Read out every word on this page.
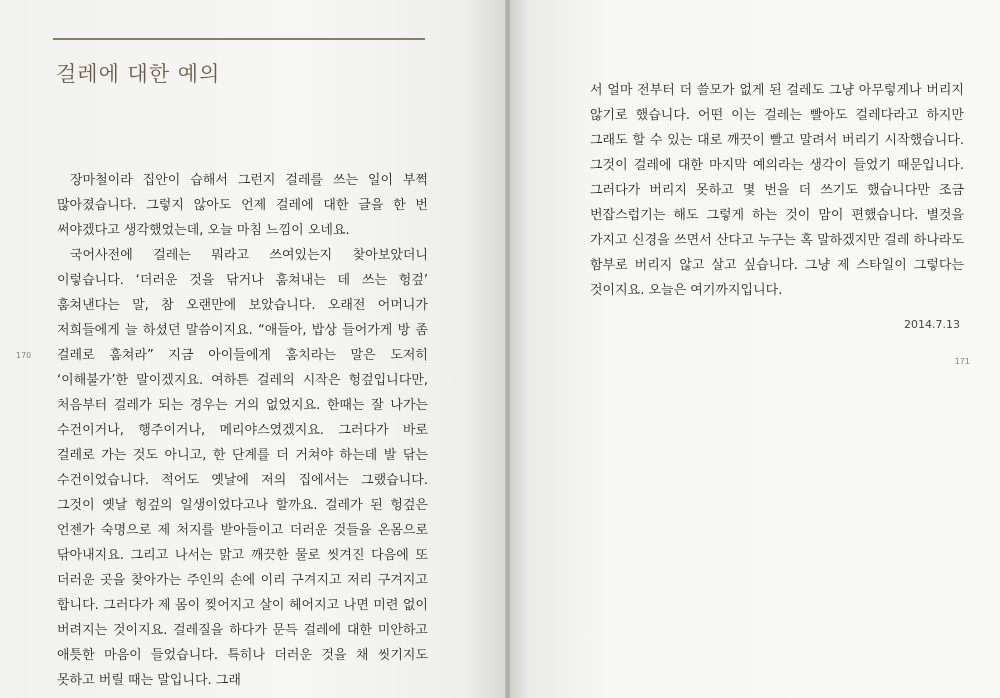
걸레에 대한 예의

장마철이라 집안이 습해서 그런지 걸레를 쓰는 일이 부쩍 많아졌습니다. 그렇지 않아도 언제 걸레에 대한 글을 한 번 써야겠다고 생각했었는데, 오늘 마침 느낌이 오네요.

국어사전에 걸레는 뭐라고 쓰여있는지 찾아보았더니 이렇습니다. ‘더러운 것을 닦거나 훔쳐내는 데 쓰는 헝겊’ 훔쳐낸다는 말, 참 오랜만에 보았습니다. 오래전 어머니가 저희들에게 늘 하셨던 말씀이지요. “애들아, 밥상 들어가게 방 좀 걸레로 훔쳐라” 지금 아이들에게 훔치라는 말은 도저히 ‘이해불가’한 말이겠지요. 여하튼 걸레의 시작은 헝겊입니다만, 처음부터 걸레가 되는 경우는 거의 없었지요. 한때는 잘 나가는 수건이거나, 행주이거나, 메리야스였겠지요. 그러다가 바로 걸레로 가는 것도 아니고, 한 단계를 더 거쳐야 하는데 발 닦는 수건이었습니다. 적어도 옛날에 저의 집에서는 그랬습니다. 그것이 옛날 헝겊의 일생이었다고나 할까요. 걸레가 된 헝겊은 언젠가 숙명으로 제 처지를 받아들이고 더러운 것들을 온몸으로 닦아내지요. 그리고 나서는 맑고 깨끗한 물로 씻겨진 다음에 또 더러운 곳을 찾아가는 주인의 손에 이리 구겨지고 저리 구겨지고 합니다. 그러다가 제 몸이 찢어지고 살이 헤어지고 나면 미련 없이 버려지는 것이지요. 걸레질을 하다가 문득 걸레에 대한 미안하고 애틋한 마음이 들었습니다. 특히나 더러운 것을 채 씻기지도 못하고 버릴 때는 말입니다. 그래

170

서 얼마 전부터 더 쓸모가 없게 된 걸레도 그냥 아무렇게나 버리지 않기로 했습니다. 어떤 이는 걸레는 빨아도 걸레다라고 하지만 그래도 할 수 있는 대로 깨끗이 빨고 말려서 버리기 시작했습니다. 그것이 걸레에 대한 마지막 예의라는 생각이 들었기 때문입니다. 그러다가 버리지 못하고 몇 번을 더 쓰기도 했습니다만 조금 번잡스럽기는 해도 그렇게 하는 것이 맘이 편했습니다. 별것을 가지고 신경을 쓰면서 산다고 누구는 혹 말하겠지만 걸레 하나라도 함부로 버리지 않고 살고 싶습니다. 그냥 제 스타일이 그렇다는 것이지요. 오늘은 여기까지입니다.

2014.7.13
171
